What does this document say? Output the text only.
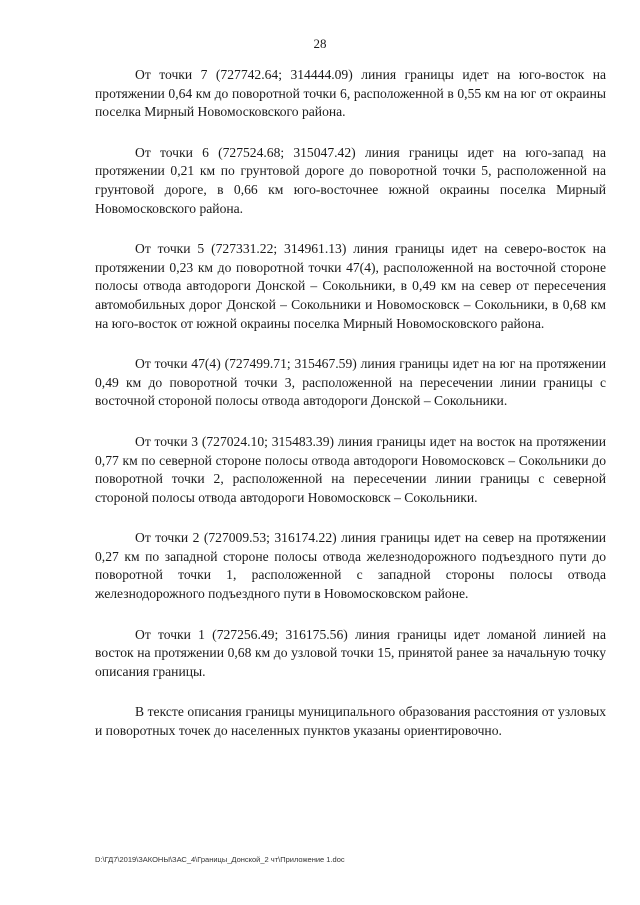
28

От точки 7 (727742.64; 314444.09) линия границы идет на юго-восток на протяжении 0,64 км до поворотной точки 6, расположенной в 0,55 км на юг от окраины поселка Мирный Новомосковского района.

От точки 6 (727524.68; 315047.42) линия границы идет на юго-запад на протяжении 0,21 км по грунтовой дороге до поворотной точки 5, расположенной на грунтовой дороге, в 0,66 км юго-восточнее южной окраины поселка Мирный Новомосковского района.

От точки 5 (727331.22; 314961.13) линия границы идет на северо-восток на протяжении 0,23 км до поворотной точки 47(4), расположенной на восточной стороне полосы отвода автодороги Донской – Сокольники, в 0,49 км на север от пересечения автомобильных дорог Донской – Сокольники и Новомосковск – Сокольники, в 0,68 км на юго-восток от южной окраины поселка Мирный Новомосковского района.

От точки 47(4) (727499.71; 315467.59) линия границы идет на юг на протяжении 0,49 км до поворотной точки 3, расположенной на пересечении линии границы с восточной стороной полосы отвода автодороги Донской – Сокольники.

От точки 3 (727024.10; 315483.39) линия границы идет на восток на протяжении 0,77 км по северной стороне полосы отвода автодороги Новомосковск – Сокольники до поворотной точки 2, расположенной на пересечении линии границы с северной стороной полосы отвода автодороги Новомосковск – Сокольники.

От точки 2 (727009.53; 316174.22) линия границы идет на север на протяжении 0,27 км по западной стороне полосы отвода железнодорожного подъездного пути до поворотной точки 1, расположенной с западной стороны полосы отвода железнодорожного подъездного пути в Новомосковском районе.

От точки 1 (727256.49; 316175.56) линия границы идет ломаной линией на восток на протяжении 0,68 км до узловой точки 15, принятой ранее за начальную точку описания границы.

В тексте описания границы муниципального образования расстояния от узловых и поворотных точек до населенных пунктов указаны ориентировочно.

D:\ГД7\2019\ЗАКОНЫ\ЗАС_4\Границы_Донской_2 чт\Приложение 1.doc
